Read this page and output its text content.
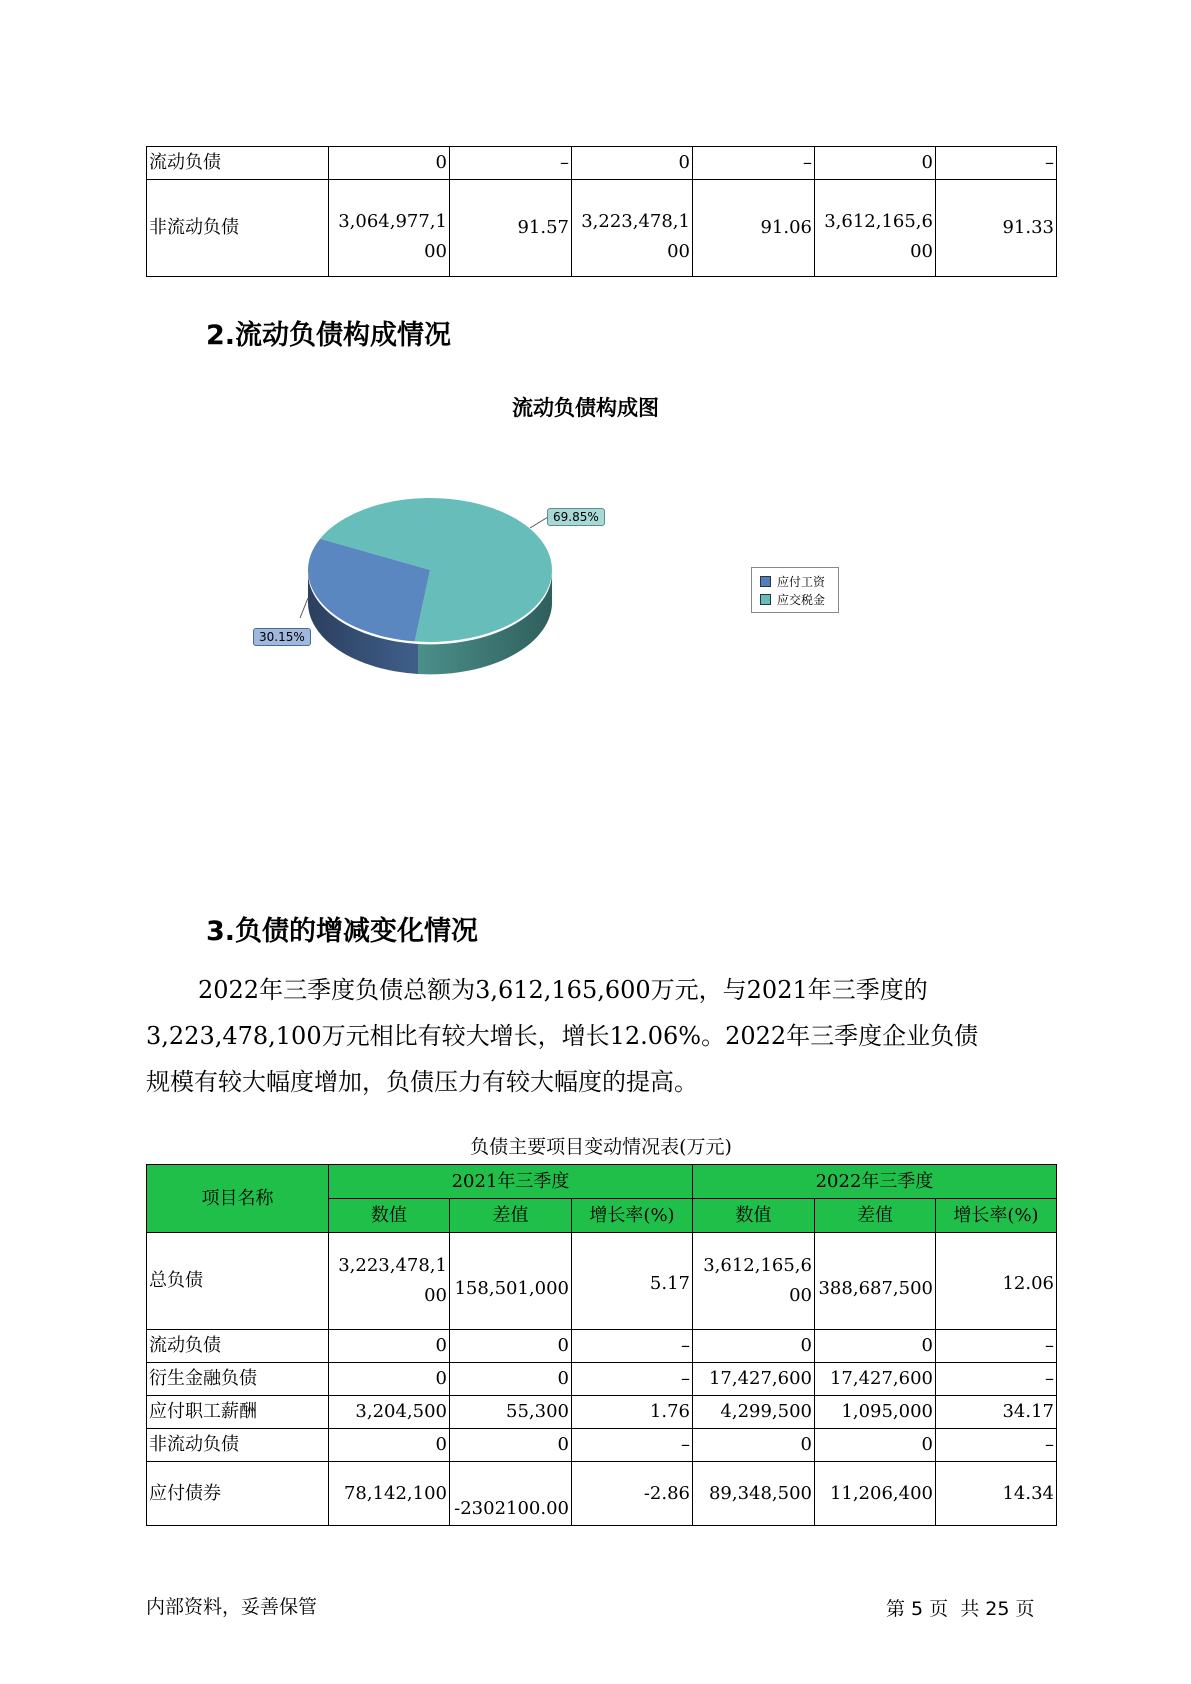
流动负债	0	–	0	–	0	–
非流动负债	3,064,977,100	91.57	3,223,478,100	91.06	3,612,165,600	91.33
2.流动负债构成情况
流动负债构成图
69.85%
30.15%
应付工资
应交税金
3.负债的增减变化情况
2022年三季度负债总额为3,612,165,600万元，与2021年三季度的
3,223,478,100万元相比有较大增长，增长12.06%。2022年三季度企业负债
规模有较大幅度增加，负债压力有较大幅度的提高。
负债主要项目变动情况表(万元)
项目名称	2021年三季度			2022年三季度		
	数值	差值	增长率(%)	数值	差值	增长率(%)
总负债	3,223,478,100	158,501,000	5.17	3,612,165,600	388,687,500	12.06
流动负债	0	0	–	0	0	–
衍生金融负债	0	0	–	17,427,600	17,427,600	–
应付职工薪酬	3,204,500	55,300	1.76	4,299,500	1,095,000	34.17
非流动负债	0	0	–	0	0	–
应付债券	78,142,100	-2302100.00	-2.86	89,348,500	11,206,400	14.34
内部资料，妥善保管	第 5 页  共 25 页
